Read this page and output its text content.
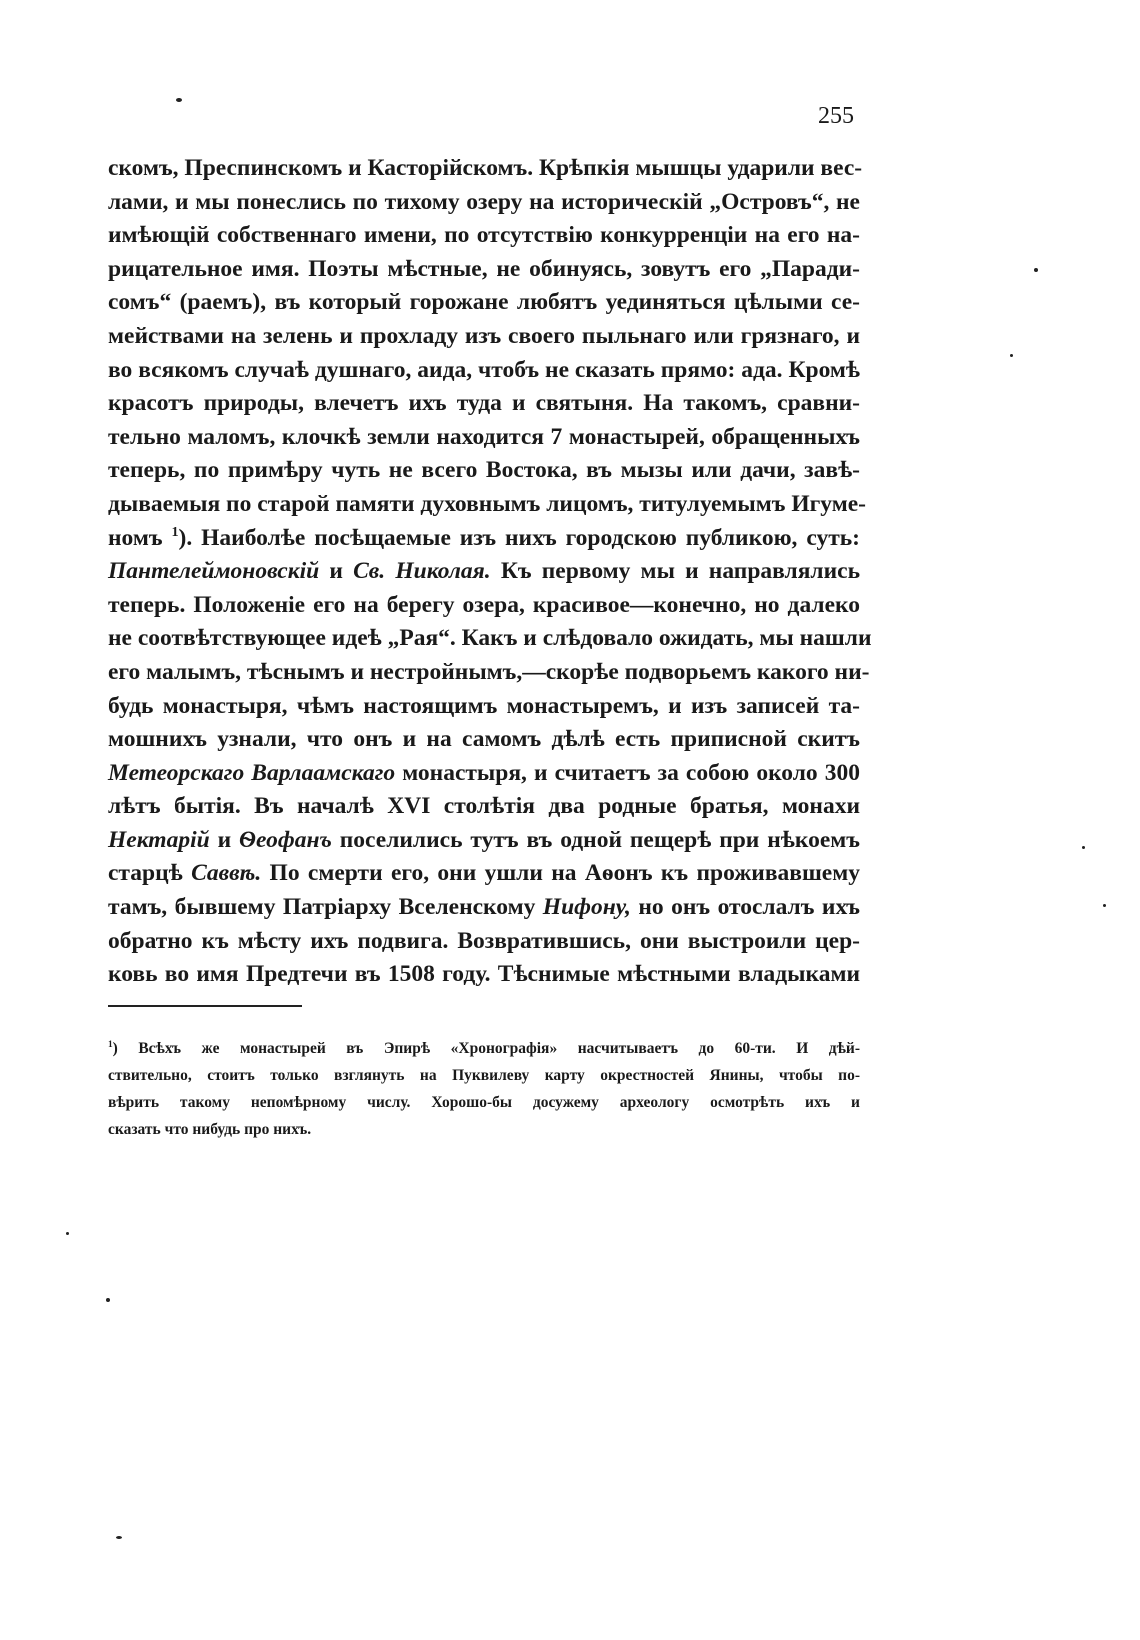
255
скомъ, Преспинскомъ и Касторійскомъ. Крѣпкія мышцы ударили вес-
лами, и мы понеслись по тихому озеру на историческій „Островъ“, не
имѣющій собственнаго имени, по отсутствію конкурренціи на его на-
рицательное имя. Поэты мѣстные, не обинуясь, зовутъ его „Паради-
сомъ“ (раемъ), въ который горожане любятъ уединяться цѣлыми се-
мействами на зелень и прохладу изъ своего пыльнаго или грязнаго, и
во всякомъ случаѣ душнаго, аида, чтобъ не сказать прямо: ада. Кромѣ
красотъ природы, влечетъ ихъ туда и святыня. На такомъ, сравни-
тельно маломъ, клочкѣ земли находится 7 монастырей, обращенныхъ
теперь, по примѣру чуть не всего Востока, въ мызы или дачи, завѣ-
дываемыя по старой памяти духовнымъ лицомъ, титулуемымъ Игуме-
номъ $^1$). Наиболѣе посѣщаемые изъ нихъ городскою публикою, суть:
Пантелеймоновскій и Св. Николая. Къ первому мы и направлялись
теперь. Положеніе его на берегу озера, красивое—конечно, но далеко
не соотвѣтствующее идеѣ „Рая“. Какъ и слѣдовало ожидать, мы нашли
его малымъ, тѣснымъ и нестройнымъ,—скорѣе подворьемъ какого ни-
будь монастыря, чѣмъ настоящимъ монастыремъ, и изъ записей та-
мошнихъ узнали, что онъ и на самомъ дѣлѣ есть приписной скитъ
Метеорскаго Варлаамскаго монастыря, и считаетъ за собою около 300
лѣтъ бытія. Въ началѣ XVI столѣтія два родные братья, монахи
Нектарій и Ѳеофанъ поселились тутъ въ одной пещерѣ при нѣкоемъ
старцѣ Саввѣ. По смерти его, они ушли на Аѳонъ къ проживавшему
тамъ, бывшему Патріарху Вселенскому Нифону, но онъ отослалъ ихъ
обратно къ мѣсту ихъ подвига. Возвратившись, они выстроили цер-
ковь во имя Предтечи въ 1508 году. Тѣснимые мѣстными владыками
$^1$) Всѣхъ же монастырей въ Эпирѣ «Хронографія» насчитываетъ до 60-ти. И дѣй-
ствительно, стоитъ только взглянуть на Пуквилеву карту окрестностей Янины, чтобы по-
вѣрить такому непомѣрному числу. Хорошо-бы досужему археологу осмотрѣть ихъ и
сказать что нибудь про нихъ.
